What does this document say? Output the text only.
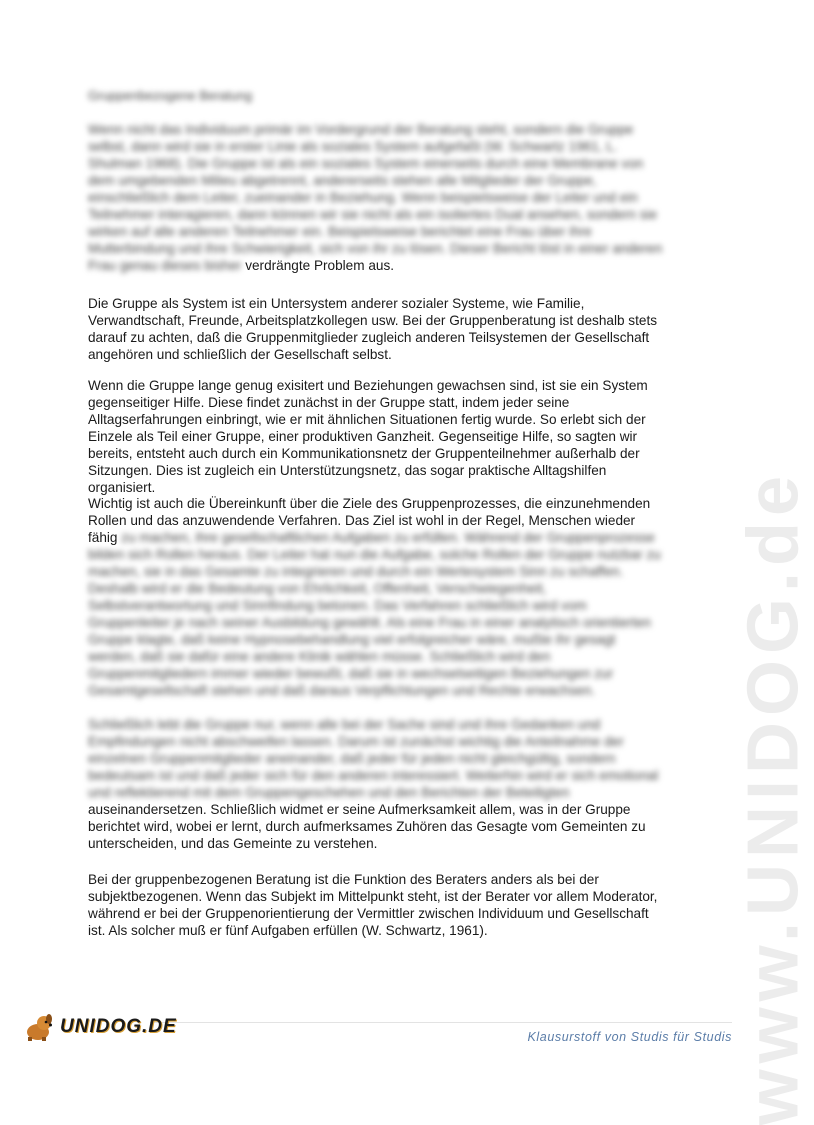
www.UNIDOG.de
Gruppenbezogene Beratung
Wenn nicht das Individuum primär im Vordergrund der Beratung steht, sondern die Gruppe selbst, dann wird sie in erster Linie als soziales System aufgefaßt (W. Schwartz 1961, L. Shulman 1968). Die Gruppe ist als ein soziales System einerseits durch eine Membrane von dem umgebenden Milieu abgetrennt, andererseits stehen alle Mitglieder der Gruppe, einschließlich dem Leiter, zueinander in Beziehung. Wenn beispielsweise der Leiter und ein Teilnehmer interagieren, dann können wir sie nicht als ein isoliertes Dual ansehen, sondern sie wirken auf alle anderen Teilnehmer ein. Beispielsweise berichtet eine Frau über ihre Mutterbindung und ihre Schwierigkeit, sich von ihr zu lösen. Dieser Bericht löst in einer anderen Frau genau dieses bisher verdrängte Problem aus.
Die Gruppe als System ist ein Untersystem anderer sozialer Systeme, wie Familie, Verwandtschaft, Freunde, Arbeitsplatzkollegen usw. Bei der Gruppenberatung ist deshalb stets darauf zu achten, daß die Gruppenmitglieder zugleich anderen Teilsystemen der Gesellschaft angehören und schließlich der Gesellschaft selbst.
Wenn die Gruppe lange genug exisitert und Beziehungen gewachsen sind, ist sie ein System gegenseitiger Hilfe. Diese findet zunächst in der Gruppe statt, indem jeder seine Alltagserfahrungen einbringt, wie er mit ähnlichen Situationen fertig wurde. So erlebt sich der Einzele als Teil einer Gruppe, einer produktiven Ganzheit. Gegenseitige Hilfe, so sagten wir bereits, entsteht auch durch ein Kommunikationsnetz der Gruppenteilnehmer außerhalb der Sitzungen. Dies ist zugleich ein Unterstützungsnetz, das sogar praktische Alltagshilfen organisiert.
Wichtig ist auch die Übereinkunft über die Ziele des Gruppenprozesses, die einzunehmenden Rollen und das anzuwendende Verfahren. Das Ziel ist wohl in der Regel, Menschen wieder fähig zu machen, ihre gesellschaftlichen Aufgaben zu erfüllen. Während der Gruppenprozesse bilden sich Rollen heraus. Der Leiter hat nun die Aufgabe, solche Rollen der Gruppe nutzbar zu machen, sie in das Gesamte zu integrieren und durch ein Wertesystem Sinn zu schaffen. Deshalb wird er die Bedeutung von Ehrlichkeit, Offenheit, Verschwiegenheit, Selbstverantwortung und Sinnfindung betonen. Das Verfahren schließlich wird vom Gruppenleiter je nach seiner Ausbildung gewählt. Als eine Frau in einer analytisch orientierten Gruppe klagte, daß keine Hypnosebehandlung viel erfolgreicher wäre, mußte ihr gesagt werden, daß sie dafür eine andere Klinik wählen müsse. Schließlich wird den Gruppenmitgliedern immer wieder bewußt, daß sie in wechselseitigen Beziehungen zur Gesamtgesellschaft stehen und daß daraus Verpflichtungen und Rechte erwachsen.
Schließlich lebt die Gruppe nur, wenn alle bei der Sache sind und ihre Gedanken und Empfindungen nicht abschweifen lassen. Darum ist zunächst wichtig die Anteilnahme der einzelnen Gruppenmitglieder aneinander, daß jeder für jeden nicht gleichgültig, sondern bedeutsam ist und daß jeder sich für den anderen interessiert. Weiterhin wird er sich emotional und reflektierend mit dem Gruppengeschehen und den Berichten der Beteiligten auseinandersetzen. Schließlich widmet er seine Aufmerksamkeit allem, was in der Gruppe berichtet wird, wobei er lernt, durch aufmerksames Zuhören das Gesagte vom Gemeinten zu unterscheiden, und das Gemeinte zu verstehen.
Bei der gruppenbezogenen Beratung ist die Funktion des Beraters anders als bei der subjektbezogenen. Wenn das Subjekt im Mittelpunkt steht, ist der Berater vor allem Moderator, während er bei der Gruppenorientierung der Vermittler zwischen Individuum und Gesellschaft ist. Als solcher muß er fünf Aufgaben erfüllen (W. Schwartz, 1961).
UNIDOG.DE	Klausurstoff von Studis für Studis
